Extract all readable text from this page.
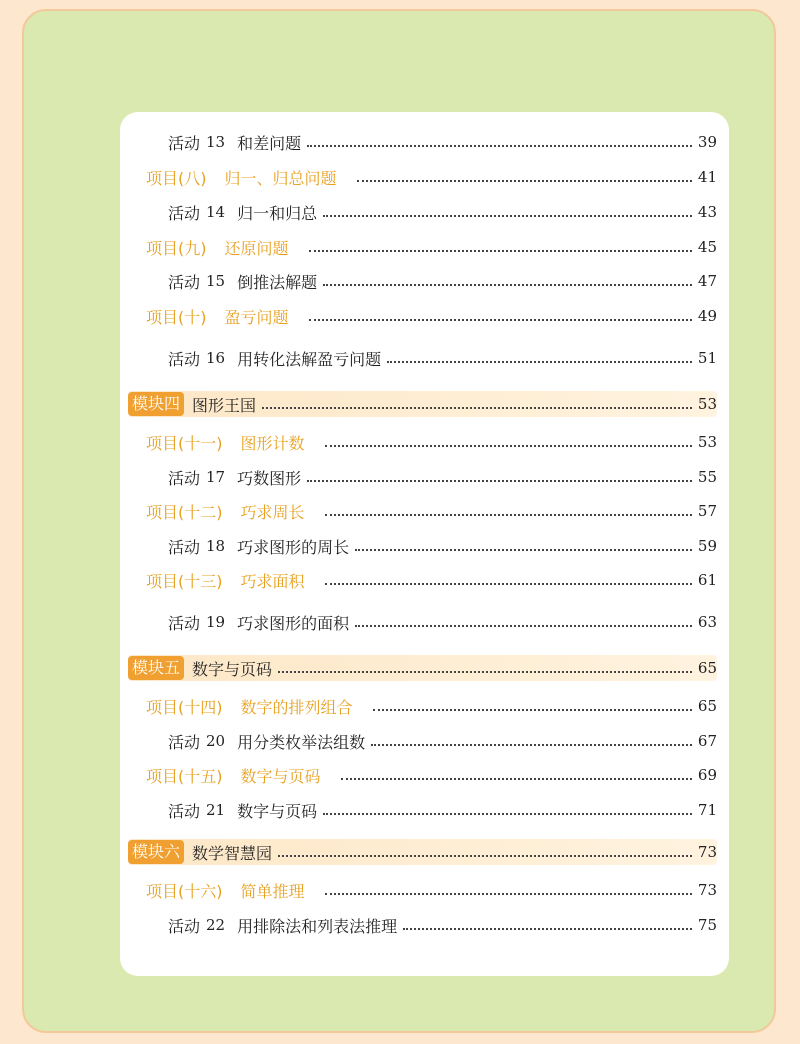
活动 13 和差问题	39
项目(八) 归一、归总问题	41
活动 14 归一和归总	43
项目(九) 还原问题	45
活动 15 倒推法解题	47
项目(十) 盈亏问题	49
活动 16 用转化法解盈亏问题	51
模块四 图形王国	53
项目(十一) 图形计数	53
活动 17 巧数图形	55
项目(十二) 巧求周长	57
活动 18 巧求图形的周长	59
项目(十三) 巧求面积	61
活动 19 巧求图形的面积	63
模块五 数字与页码	65
项目(十四) 数字的排列组合	65
活动 20 用分类枚举法组数	67
项目(十五) 数字与页码	69
活动 21 数字与页码	71
模块六 数学智慧园	73
项目(十六) 简单推理	73
活动 22 用排除法和列表法推理	75
